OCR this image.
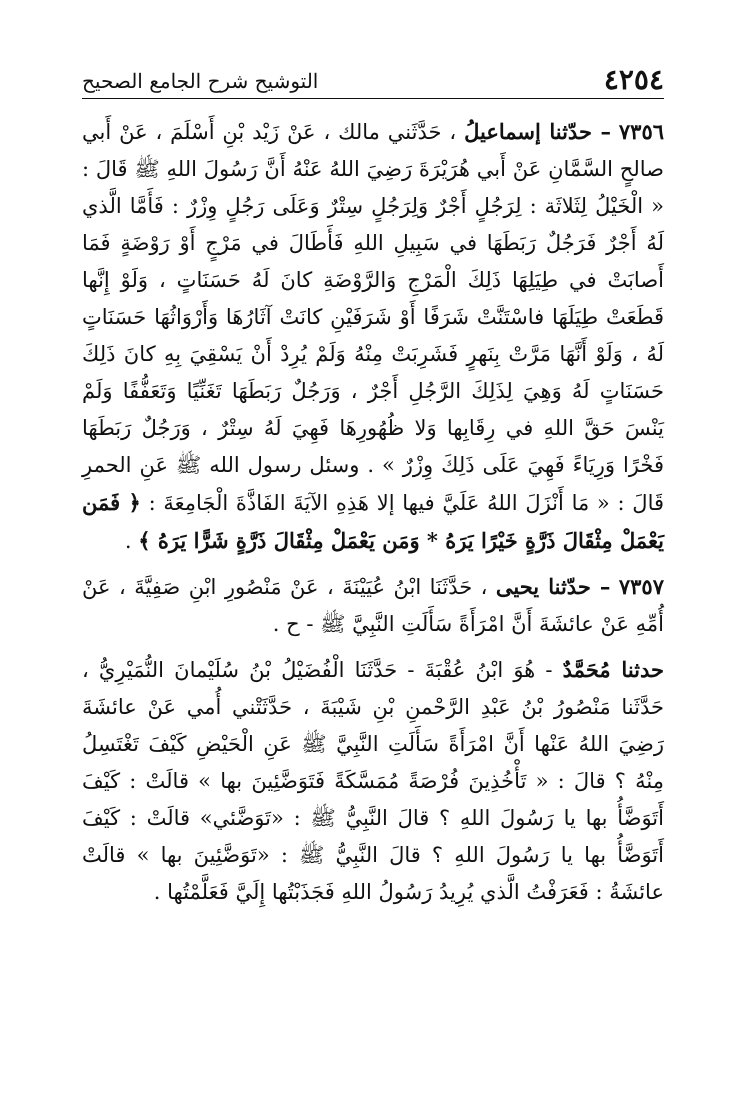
٤٢٥٤
التوشيح شرح الجامع الصحيح

٧٣٥٦ – حدّثنا إسماعيلُ ، حَدَّثَني مالك ، عَنْ زَيْد بْنِ أَسْلَمَ ، عَنْ أَبي صالحٍ السَّمَّانِ عَنْ أَبي هُرَيْرَةَ رَضِيَ اللهُ عَنْهُ أَنَّ رَسُولَ اللهِ ﷺ قَالَ : « الْخَيْلُ لِثَلاثَة : لِرَجُلٍ أَجْرٌ وَلِرَجُلٍ سِتْرٌ وَعَلَى رَجُلٍ وِزْرٌ : فَأَمَّا الَّذي لَهُ أَجْرٌ فَرَجُلٌ رَبَطَهَا في سَبِيلِ اللهِ فَأَطَالَ في مَرْجٍ أَوْ رَوْضَةٍ فَمَا أَصابَتْ في طِيَلِهَا ذَلِكَ الْمَرْجِ وَالرَّوْضَةِ كانَ لَهُ حَسَنَاتٍ ، وَلَوْ إِنَّها قَطَعَتْ طِيَلَهَا فاسْتَنَّتْ شَرَفًا أَوْ شَرَفَيْنِ كانَتْ آثَارُهَا وَأَرْوَاثُهَا حَسَنَاتٍ لَهُ ، وَلَوْ أَنَّهَا مَرَّتْ بِنَهرٍ فَشَرِبَتْ مِنْهُ وَلَمْ يُرِدْ أَنْ يَسْقِيَ بِهِ كانَ ذَلِكَ حَسَنَاتٍ لَهُ وَهِيَ لِذَلِكَ الرَّجُلِ أَجْرٌ ، وَرَجُلٌ رَبَطَهَا تَغَنِّيًا وَتَعَفُّفًا وَلَمْ يَنْسَ حَقَّ اللهِ في رِقَابِها وَلا ظُهُورِهَا فَهِيَ لَهُ سِتْرٌ ، وَرَجُلٌ رَبَطَهَا فَخْرًا وَرِيَاءً فَهِيَ عَلَى ذَلِكَ وِزْرٌ » . وسئل رسول الله ﷺ عَنِ الحمرِ قَالَ : « مَا أَنْزَلَ اللهُ عَلَيَّ فيها إلا هَذِهِ الآيَةَ الفَاذَّةَ الْجَامِعَةَ : ﴿ فَمَن يَعْمَلْ مِثْقَالَ ذَرَّةٍ خَيْرًا يَرَهُ * وَمَن يَعْمَلْ مِثْقَالَ ذَرَّةٍ شَرًّا يَرَهُ ﴾ .

٧٣٥٧ – حدّثنا يحيى ، حَدَّثَنَا ابْنُ عُيَيْنَةَ ، عَنْ مَنْصُورِ ابْنِ صَفِيَّةَ ، عَنْ أُمِّهِ عَنْ عائشَةَ أَنَّ امْرَأَةً سَأَلَتِ النَّبِيَّ ﷺ - ح .

حدثنا مُحَمَّدٌ - هُوَ ابْنُ عُقْبَةَ - حَدَّثَنَا الْفُضَيْلُ بْنُ سُلَيْمانَ النُّمَيْرِيُّ ، حَدَّثَنا مَنْصُورُ بْنُ عَبْدِ الرَّحْمنِ بْنِ شَيْبَةَ ، حَدَّثَتْني أُمي عَنْ عائشَةَ رَضِيَ اللهُ عَنْها أَنَّ امْرَأَةً سَأَلَتِ النَّبِيَّ ﷺ عَنِ الْحَيْضِ كَيْفَ تَغْتَسِلُ مِنْهُ ؟ قالَ : « تَأْخُذِينَ فُرْصَةً مُمَسَّكَةً فَتَوَضَّئِينَ بها » قالَتْ : كَيْفَ أَتَوَضَّأُ بها يا رَسُولَ اللهِ ؟ قالَ النَّبِيُّ ﷺ : «تَوَضَّئي» قالَتْ : كَيْفَ أَتَوَضَّأُ بها يا رَسُولَ اللهِ ؟ قالَ النَّبِيُّ ﷺ : «تَوَضَّئِينَ بها » قالَتْ عائشَةُ : فَعَرَفْتُ الَّذي يُرِيدُ رَسُولُ اللهِ فَجَذَبْتُها إِلَيَّ فَعَلَّمْتُها .
